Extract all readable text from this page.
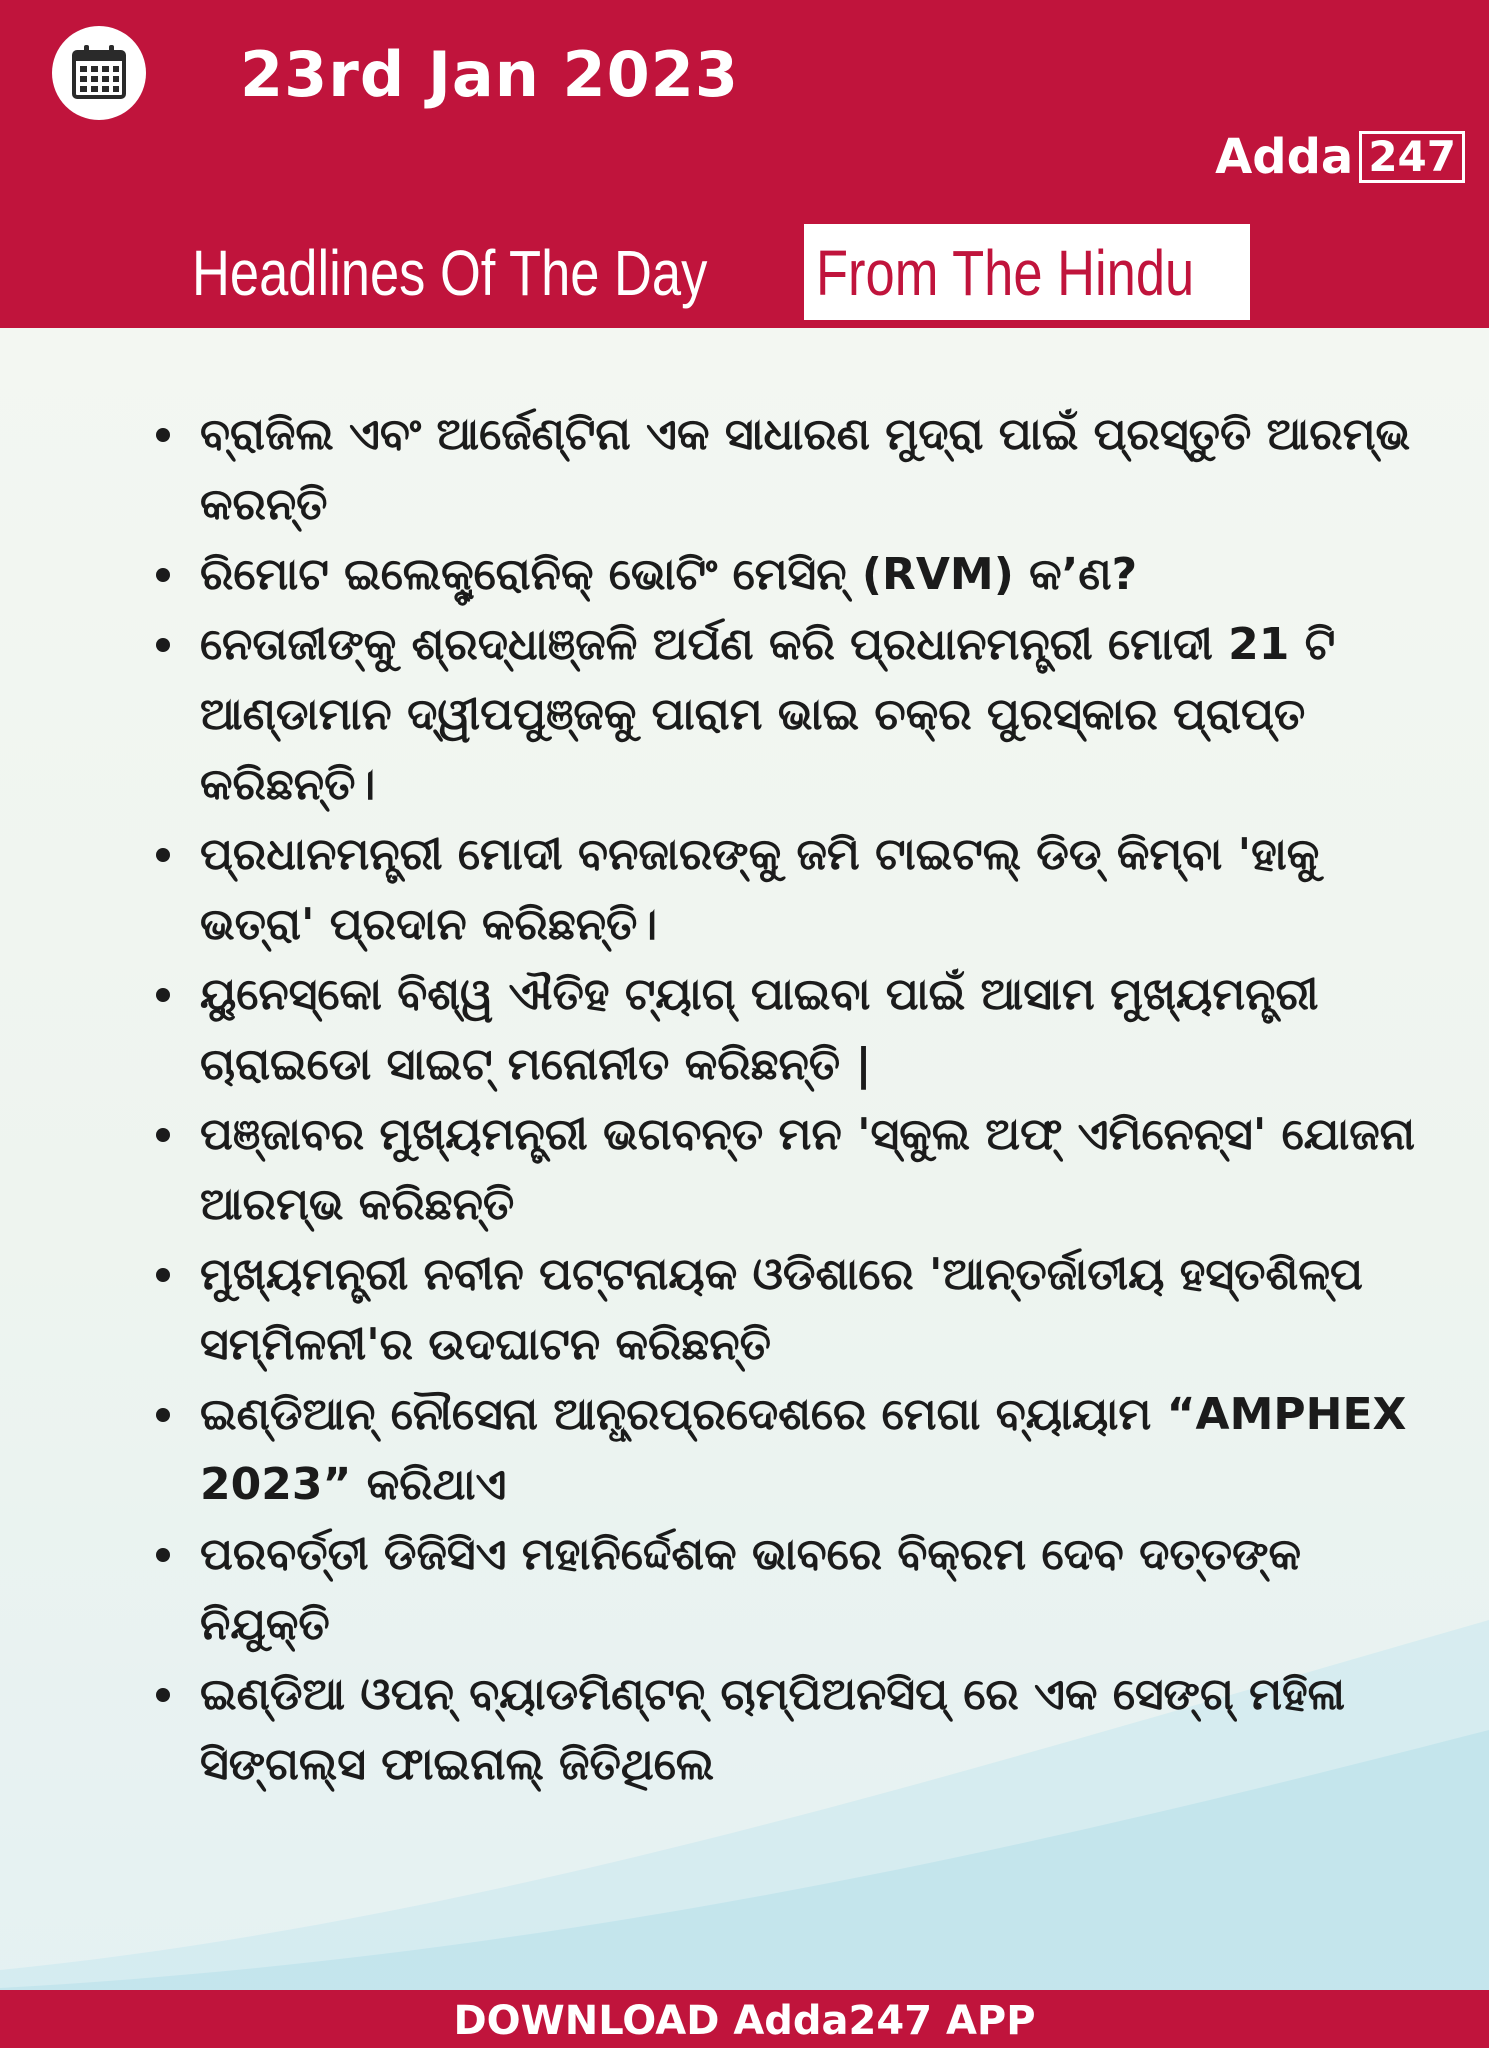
23rd Jan 2023
Adda 247
Headlines Of The Day From The Hindu
ବ୍ରାଜିଲ ଏବଂ ଆର୍ଜେଣ୍ଟିନା ଏକ ସାଧାରଣ ମୁଦ୍ରା ପାଇଁ ପ୍ରସ୍ତୁତି ଆରମ୍ଭ କରନ୍ତି
ରିମୋଟ ଇଲେକ୍ଟ୍ରୋନିକ୍ ଭୋଟିଂ ମେସିନ୍ (RVM) କ’ଣ?
ନେତାଜୀଙ୍କୁ ଶ୍ରଦ୍ଧାଞ୍ଜଳି ଅର୍ପଣ କରି ପ୍ରଧାନମନ୍ତ୍ରୀ ମୋଦୀ 21 ଟି ଆଣ୍ଡାମାନ ଦ୍ୱୀପପୁଞ୍ଜକୁ ପାରାମ ଭାଇ ଚକ୍ର ପୁରସ୍କାର ପ୍ରାପ୍ତ କରିଛନ୍ତି।
ପ୍ରଧାନମନ୍ତ୍ରୀ ମୋଦୀ ବନଜାରଙ୍କୁ ଜମି ଟାଇଟଲ୍ ଡିଡ୍ କିମ୍ବା 'ହାକୁ ଭତ୍ରା' ପ୍ରଦାନ କରିଛନ୍ତି।
ୟୁନେସ୍କୋ ବିଶ୍ୱ ଐତିହ ଟ୍ୟାଗ୍ ପାଇବା ପାଇଁ ଆସାମ ମୁଖ୍ୟମନ୍ତ୍ରୀ ଚାରାଇଡୋ ସାଇଟ୍ ମନୋନୀତ କରିଛନ୍ତି |
ପଞ୍ଜାବର ମୁଖ୍ୟମନ୍ତ୍ରୀ ଭଗବନ୍ତ ମନ 'ସ୍କୁଲ ଅଫ୍ ଏମିନେନ୍ସ' ଯୋଜନା ଆରମ୍ଭ କରିଛନ୍ତି
ମୁଖ୍ୟମନ୍ତ୍ରୀ ନବୀନ ପଟ୍ଟନାୟକ ଓଡିଶାରେ 'ଆନ୍ତର୍ଜାତୀୟ ହସ୍ତଶିଳ୍ପ ସମ୍ମିଳନୀ'ର ଉଦଘାଟନ କରିଛନ୍ତି
ଇଣ୍ଡିଆନ୍ ନୌସେନା ଆନ୍ଧ୍ରପ୍ରଦେଶରେ ମେଗା ବ୍ୟାୟାମ “AMPHEX 2023” କରିଥାଏ
ପରବର୍ତ୍ତୀ ଡିଜିସିଏ ମହାନିର୍ଦ୍ଦେଶକ ଭାବରେ ବିକ୍ରମ ଦେବ ଦତ୍ତଙ୍କ ନିଯୁକ୍ତି
ଇଣ୍ଡିଆ ଓପନ୍ ବ୍ୟାଡମିଣ୍ଟନ୍ ଚାମ୍ପିଅନସିପ୍ ରେ ଏକ ସେଙ୍ଗ୍ ମହିଳା ସିଙ୍ଗଲ୍ସ ଫାଇନାଲ୍ ଜିତିଥିଲେ
DOWNLOAD Adda247 APP
